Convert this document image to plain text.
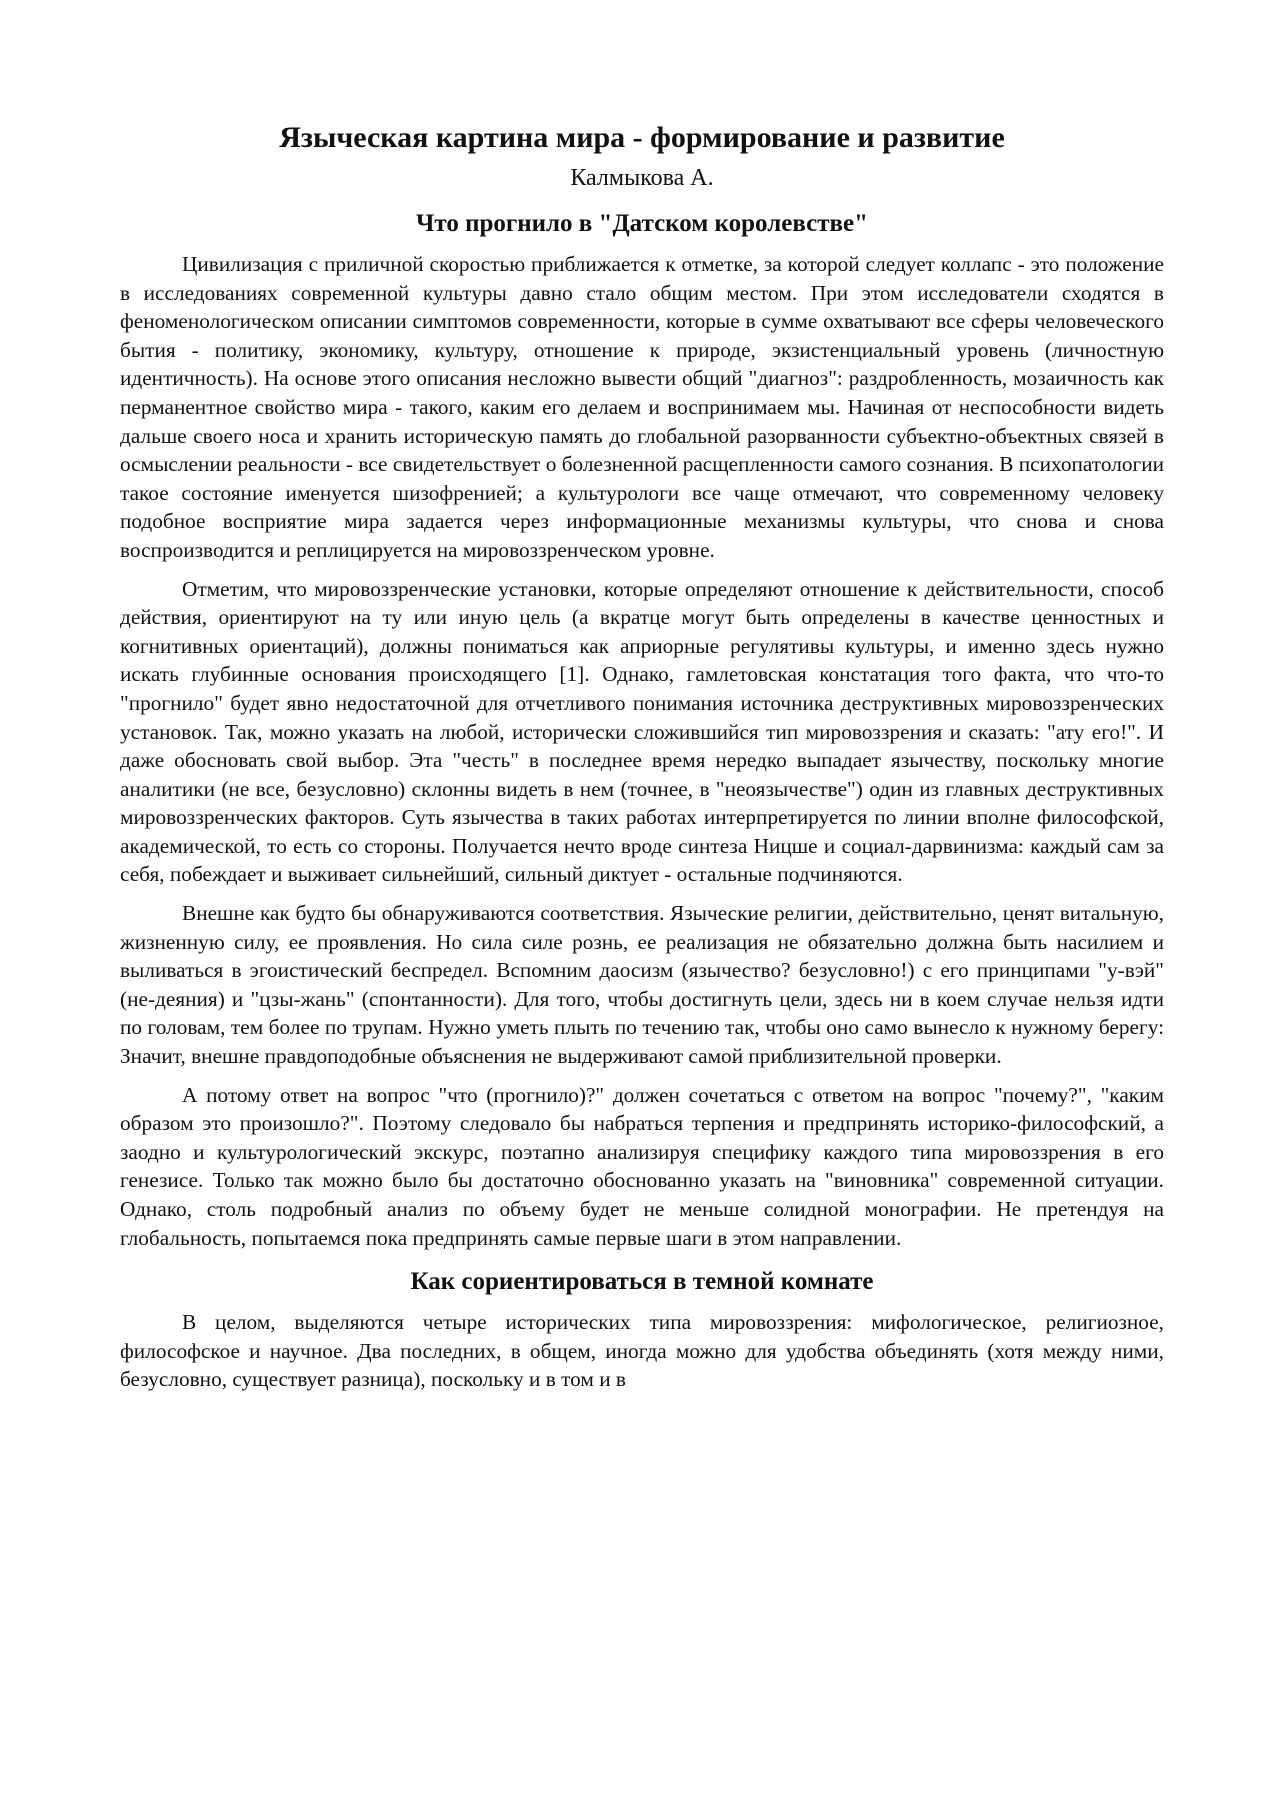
Языческая картина мира - формирование и развитие
Калмыкова А.
Что прогнило в "Датском королевстве"

Цивилизация с приличной скоростью приближается к отметке, за которой следует коллапс - это положение в исследованиях современной культуры давно стало общим местом. При этом исследователи сходятся в феноменологическом описании симптомов современности, которые в сумме охватывают все сферы человеческого бытия - политику, экономику, культуру, отношение к природе, экзистенциальный уровень (личностную идентичность). На основе этого описания несложно вывести общий "диагноз": раздробленность, мозаичность как перманентное свойство мира - такого, каким его делаем и воспринимаем мы. Начиная от неспособности видеть дальше своего носа и хранить историческую память до глобальной разорванности субъектно-объектных связей в осмыслении реальности - все свидетельствует о болезненной расщепленности самого сознания. В психопатологии такое состояние именуется шизофренией; а культурологи все чаще отмечают, что современному человеку подобное восприятие мира задается через информационные механизмы культуры, что снова и снова воспроизводится и реплицируется на мировоззренческом уровне.

Отметим, что мировоззренческие установки, которые определяют отношение к действительности, способ действия, ориентируют на ту или иную цель (а вкратце могут быть определены в качестве ценностных и когнитивных ориентаций), должны пониматься как априорные регулятивы культуры, и именно здесь нужно искать глубинные основания происходящего [1]. Однако, гамлетовская констатация того факта, что что-то "прогнило" будет явно недостаточной для отчетливого понимания источника деструктивных мировоззренческих установок. Так, можно указать на любой, исторически сложившийся тип мировоззрения и сказать: "ату его!". И даже обосновать свой выбор. Эта "честь" в последнее время нередко выпадает язычеству, поскольку многие аналитики (не все, безусловно) склонны видеть в нем (точнее, в "неоязычестве") один из главных деструктивных мировоззренческих факторов. Суть язычества в таких работах интерпретируется по линии вполне философской, академической, то есть со стороны. Получается нечто вроде синтеза Ницше и социал-дарвинизма: каждый сам за себя, побеждает и выживает сильнейший, сильный диктует - остальные подчиняются.

Внешне как будто бы обнаруживаются соответствия. Языческие религии, действительно, ценят витальную, жизненную силу, ее проявления. Но сила силе рознь, ее реализация не обязательно должна быть насилием и выливаться в эгоистический беспредел. Вспомним даосизм (язычество? безусловно!) с его принципами "у-вэй" (не-деяния) и "цзы-жань" (спонтанности). Для того, чтобы достигнуть цели, здесь ни в коем случае нельзя идти по головам, тем более по трупам. Нужно уметь плыть по течению так, чтобы оно само вынесло к нужному берегу: Значит, внешне правдоподобные объяснения не выдерживают самой приблизительной проверки.

А потому ответ на вопрос "что (прогнило)?" должен сочетаться с ответом на вопрос "почему?", "каким образом это произошло?". Поэтому следовало бы набраться терпения и предпринять историко-философский, а заодно и культурологический экскурс, поэтапно анализируя специфику каждого типа мировоззрения в его генезисе. Только так можно было бы достаточно обоснованно указать на "виновника" современной ситуации. Однако, столь подробный анализ по объему будет не меньше солидной монографии. Не претендуя на глобальность, попытаемся пока предпринять самые первые шаги в этом направлении.

Как сориентироваться в темной комнате

В целом, выделяются четыре исторических типа мировоззрения: мифологическое, религиозное, философское и научное. Два последних, в общем, иногда можно для удобства объединять (хотя между ними, безусловно, существует разница), поскольку и в том и в
